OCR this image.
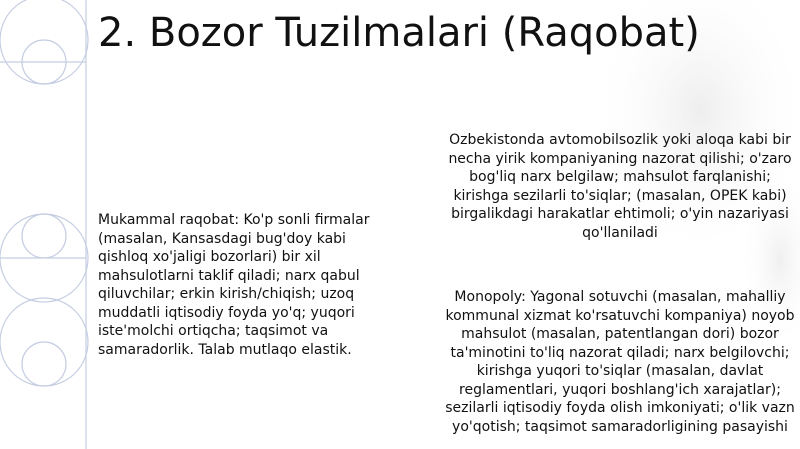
2. Bozor Tuzilmalari (Raqobat)

Mukammal raqobat: Ko'p sonli firmalar (masalan, Kansasdagi bug'doy kabi qishloq xo'jaligi bozorlari) bir xil mahsulotlarni taklif qiladi; narx qabul qiluvchilar; erkin kirish/chiqish; uzoq muddatli iqtisodiy foyda yo'q; yuqori iste'molchi ortiqcha; taqsimot va samaradorlik. Talab mutlaqo elastik.

Ozbekistonda avtomobilsozlik yoki aloqa kabi bir necha yirik kompaniyaning nazorat qilishi; o'zaro bog'liq narx belgilaw; mahsulot farqlanishi; kirishga sezilarli to'siqlar; (masalan, OPEK kabi) birgalikdagi harakatlar ehtimoli; o'yin nazariyasi qo'llaniladi

Monopoly: Yagonal sotuvchi (masalan, mahalliy kommunal xizmat ko'rsatuvchi kompaniya) noyob mahsulot (masalan, patentlangan dori) bozor ta'minotini to'liq nazorat qiladi; narx belgilovchi; kirishga yuqori to'siqlar (masalan, davlat reglamentlari, yuqori boshlang'ich xarajatlar); sezilarli iqtisodiy foyda olish imkoniyati; o'lik vazn yo'qotish; taqsimot samaradorligining pasayishi
